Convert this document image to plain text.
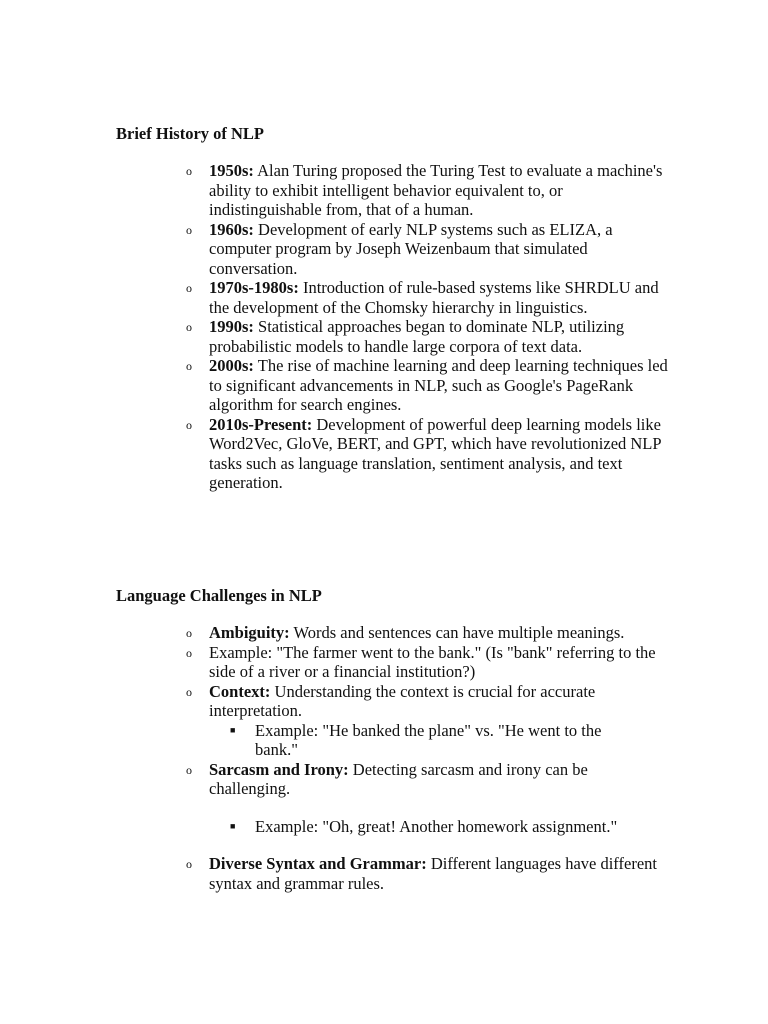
Brief History of NLP
o 1950s: Alan Turing proposed the Turing Test to evaluate a machine's ability to exhibit intelligent behavior equivalent to, or indistinguishable from, that of a human.
o 1960s: Development of early NLP systems such as ELIZA, a computer program by Joseph Weizenbaum that simulated conversation.
o 1970s-1980s: Introduction of rule-based systems like SHRDLU and the development of the Chomsky hierarchy in linguistics.
o 1990s: Statistical approaches began to dominate NLP, utilizing probabilistic models to handle large corpora of text data.
o 2000s: The rise of machine learning and deep learning techniques led to significant advancements in NLP, such as Google's PageRank algorithm for search engines.
o 2010s-Present: Development of powerful deep learning models like Word2Vec, GloVe, BERT, and GPT, which have revolutionized NLP tasks such as language translation, sentiment analysis, and text generation.
Language Challenges in NLP
o Ambiguity: Words and sentences can have multiple meanings.
o Example: "The farmer went to the bank." (Is "bank" referring to the side of a river or a financial institution?)
o Context: Understanding the context is crucial for accurate interpretation.
■ Example: "He banked the plane" vs. "He went to the bank."
o Sarcasm and Irony: Detecting sarcasm and irony can be challenging.
■ Example: "Oh, great! Another homework assignment."
o Diverse Syntax and Grammar: Different languages have different syntax and grammar rules.
